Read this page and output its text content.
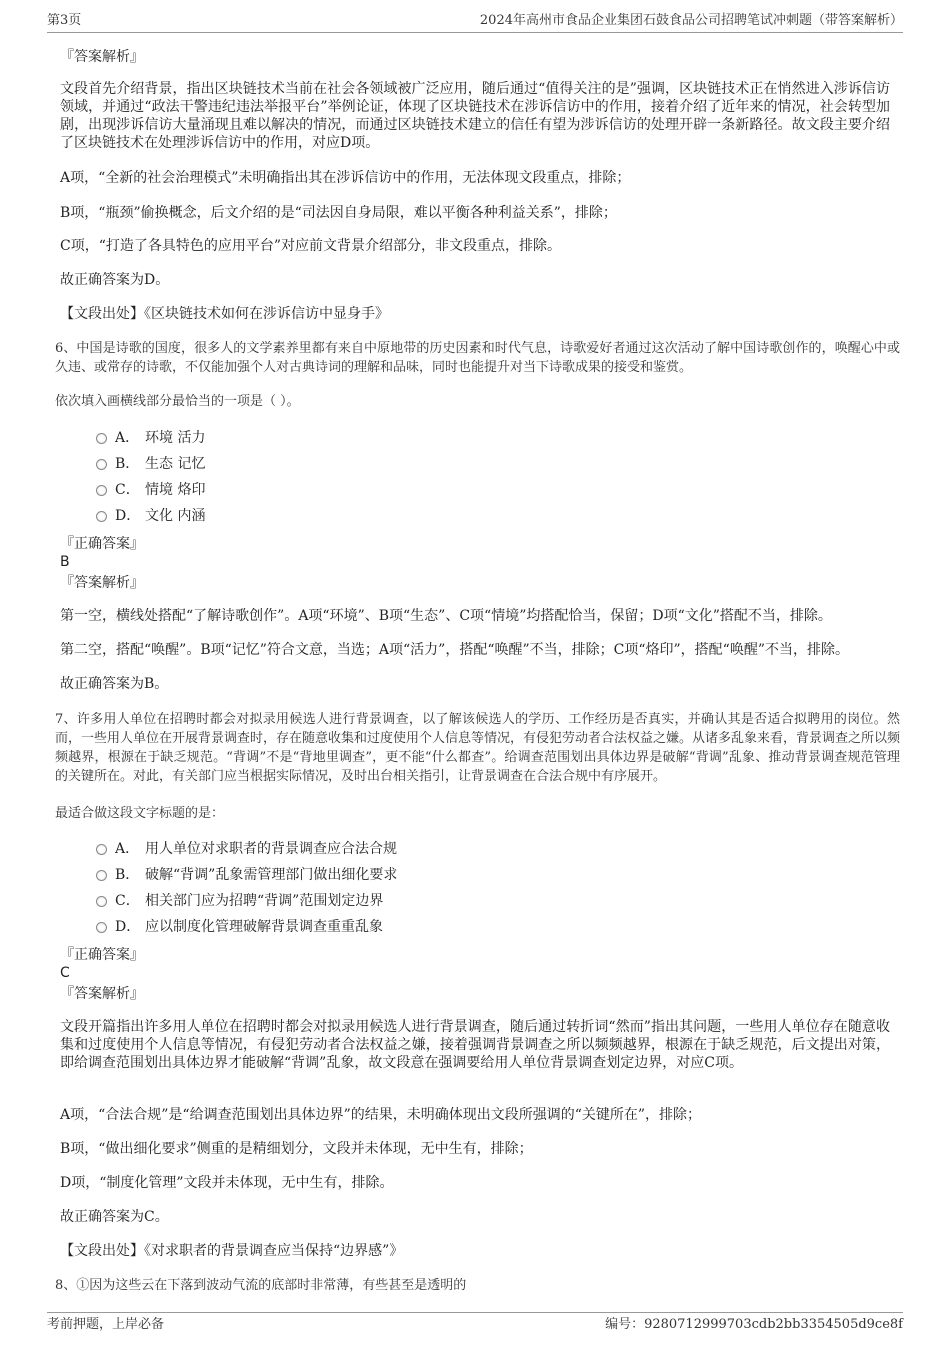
第3页	2024年高州市食品企业集团石鼓食品公司招聘笔试冲刺题（带答案解析）
『答案解析』
文段首先介绍背景，指出区块链技术当前在社会各领域被广泛应用，随后通过“值得关注的是”强调，区块链技术正在悄然进入涉诉信访领域，并通过“政法干警违纪违法举报平台”举例论证，体现了区块链技术在涉诉信访中的作用，接着介绍了近年来的情况，社会转型加剧，出现涉诉信访大量涌现且难以解决的情况，而通过区块链技术建立的信任有望为涉诉信访的处理开辟一条新路径。故文段主要介绍了区块链技术在处理涉诉信访中的作用，对应D项。
A项，“全新的社会治理模式”未明确指出其在涉诉信访中的作用，无法体现文段重点，排除；
B项，“瓶颈”偷换概念，后文介绍的是“司法因自身局限，难以平衡各种利益关系”，排除；
C项，“打造了各具特色的应用平台”对应前文背景介绍部分，非文段重点，排除。
故正确答案为D。
【文段出处】《区块链技术如何在涉诉信访中显身手》
6、中国是诗歌的国度，很多人的文学素养里都有来自中原地带的历史因素和时代气息，诗歌爱好者通过这次活动了解中国诗歌创作的，唤醒心中或久违、或常存的诗歌，不仅能加强个人对古典诗词的理解和品味，同时也能提升对当下诗歌成果的接受和鉴赏。
依次填入画横线部分最恰当的一项是（ ）。
A． 环境 活力
B． 生态 记忆
C． 情境 烙印
D． 文化 内涵
『正确答案』
B
『答案解析』
第一空，横线处搭配“了解诗歌创作”。A项“环境”、B项“生态”、C项“情境”均搭配恰当，保留；D项“文化”搭配不当，排除。
第二空，搭配“唤醒”。B项“记忆”符合文意，当选；A项“活力”，搭配“唤醒”不当，排除；C项“烙印”，搭配“唤醒”不当，排除。
故正确答案为B。
7、许多用人单位在招聘时都会对拟录用候选人进行背景调查，以了解该候选人的学历、工作经历是否真实，并确认其是否适合拟聘用的岗位。然而，一些用人单位在开展背景调查时，存在随意收集和过度使用个人信息等情况，有侵犯劳动者合法权益之嫌。从诸多乱象来看，背景调查之所以频频越界，根源在于缺乏规范。“背调”不是“背地里调查”，更不能“什么都查”。给调查范围划出具体边界是破解“背调”乱象、推动背景调查规范管理的关键所在。对此，有关部门应当根据实际情况，及时出台相关指引，让背景调查在合法合规中有序展开。
最适合做这段文字标题的是：
A． 用人单位对求职者的背景调查应合法合规
B． 破解“背调”乱象需管理部门做出细化要求
C． 相关部门应为招聘“背调”范围划定边界
D． 应以制度化管理破解背景调查重重乱象
『正确答案』
C
『答案解析』
文段开篇指出许多用人单位在招聘时都会对拟录用候选人进行背景调查，随后通过转折词“然而”指出其问题，一些用人单位存在随意收集和过度使用个人信息等情况，有侵犯劳动者合法权益之嫌，接着强调背景调查之所以频频越界，根源在于缺乏规范，后文提出对策，即给调查范围划出具体边界才能破解“背调”乱象，故文段意在强调要给用人单位背景调查划定边界，对应C项。
A项，“合法合规”是“给调查范围划出具体边界”的结果，未明确体现出文段所强调的“关键所在”，排除；
B项，“做出细化要求”侧重的是精细划分，文段并未体现，无中生有，排除；
D项，“制度化管理”文段并未体现，无中生有，排除。
故正确答案为C。
【文段出处】《对求职者的背景调查应当保持“边界感”》
8、①因为这些云在下落到波动气流的底部时非常薄，有些甚至是透明的
考前押题，上岸必备	编号：9280712999703cdb2bb3354505d9ce8f
